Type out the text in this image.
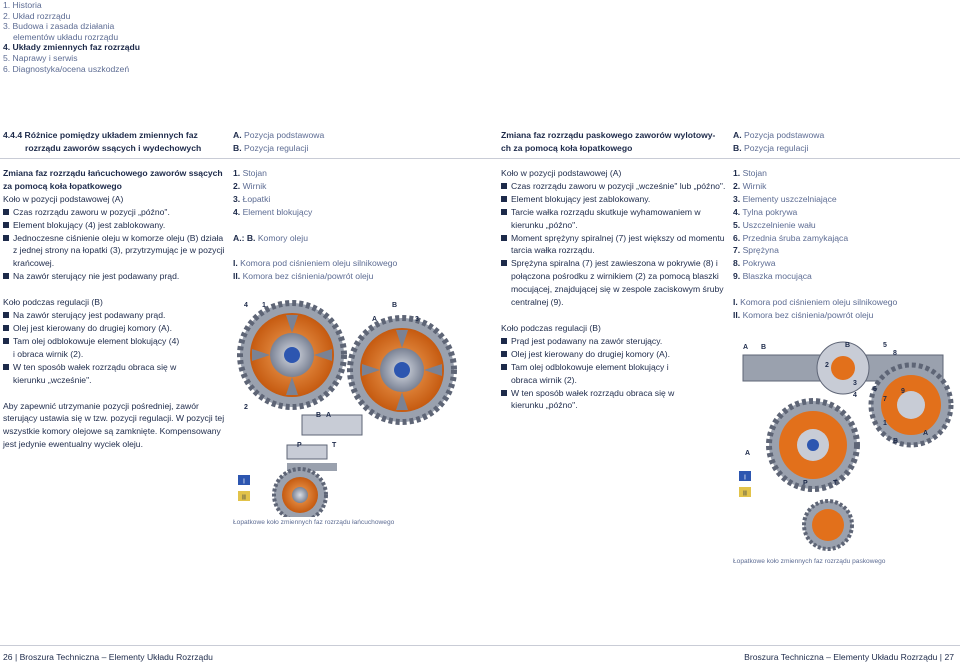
1. Historia
2. Układ rozrządu
3. Budowa i zasada działania
elementów układu rozrządu
4. Układy zmiennych faz rozrządu
5. Naprawy i serwis
6. Diagnostyka/ocena uszkodzeń
4.4.4 Różnice pomiędzy układem zmiennych faz
rozrządu zaworów ssących i wydechowych
A. Pozycja podstawowa
B. Pozycja regulacji
Zmiana faz rozrządu paskowego zaworów wylotowy-
ch za pomocą koła łopatkowego
A. Pozycja podstawowa
B. Pozycja regulacji
Zmiana faz rozrządu łańcuchowego zaworów ssących
za pomocą koła łopatkowego
Koło w pozycji podstawowej (A)
Czas rozrządu zaworu w pozycji „późno".
Element blokujący (4) jest zablokowany.
Jednoczesne ciśnienie oleju w komorze oleju (B) działa
z jednej strony na łopatki (3), przytrzymując je w pozycji
krańcowej.
Na zawór sterujący nie jest podawany prąd.
Koło podczas regulacji (B)
Na zawór sterujący jest podawany prąd.
Olej jest kierowany do drugiej komory (A).
Tam olej odblokowuje element blokujący (4)
i obraca wirnik (2).
W ten sposób wałek rozrządu obraca się w
kierunku „wcześnie".
Aby zapewnić utrzymanie pozycji pośredniej, zawór
sterujący ustawia się w tzw. pozycji regulacji. W pozycji tej
wszystkie komory olejowe są zamknięte. Kompensowany
jest jedynie ewentualny wyciek oleju.
1. Stojan
2. Wirnik
3. Łopatki
4. Element blokujący
A.: B. Komory oleju
I. Komora pod ciśnieniem oleju silnikowego
II. Komora bez ciśnienia/powrót oleju
Koło w pozycji podstawowej (A)
Czas rozrządu zaworu w pozycji „wcześnie" lub „późno".
Element blokujący jest zablokowany.
Tarcie wałka rozrządu skutkuje wyhamowaniem w
kierunku „późno".
Moment sprężyny spiralnej (7) jest większy od momentu
tarcia wałka rozrządu.
Sprężyna spiralna (7) jest zawieszona w pokrywie (8) i
połączona pośrodku z wirnikiem (2) za pomocą blaszki
mocującej, znajdującej się w zespole zaciskowym śruby
centralnej (9).
Koło podczas regulacji (B)
Prąd jest podawany na zawór sterujący.
Olej jest kierowany do drugiej komory (A).
Tam olej odblokowuje element blokujący i
obraca wirnik (2).
W ten sposób wałek rozrządu obraca się w
kierunku „późno".
1. Stojan
2. Wirnik
3. Elementy uszczelniające
4. Tylna pokrywa
5. Uszczelnienie wału
6. Przednia śruba zamykająca
7. Sprężyna
8. Pokrywa
9. Blaszka mocująca
I. Komora pod ciśnieniem oleju silnikowego
II. Komora bez ciśnienia/powrót oleju
I
II
4 1
2
B
A	3
B A
P	T
Łopatkowe koło zmiennych faz rozrządu łańcuchowego
I
II
A B
2
B	5
8
3
4
6
7
9
1
A
B
A
P	T
Łopatkowe koło zmiennych faz rozrządu paskowego
26 | Broszura Techniczna – Elementy Układu Rozrządu	Broszura Techniczna – Elementy Układu Rozrządu | 27
